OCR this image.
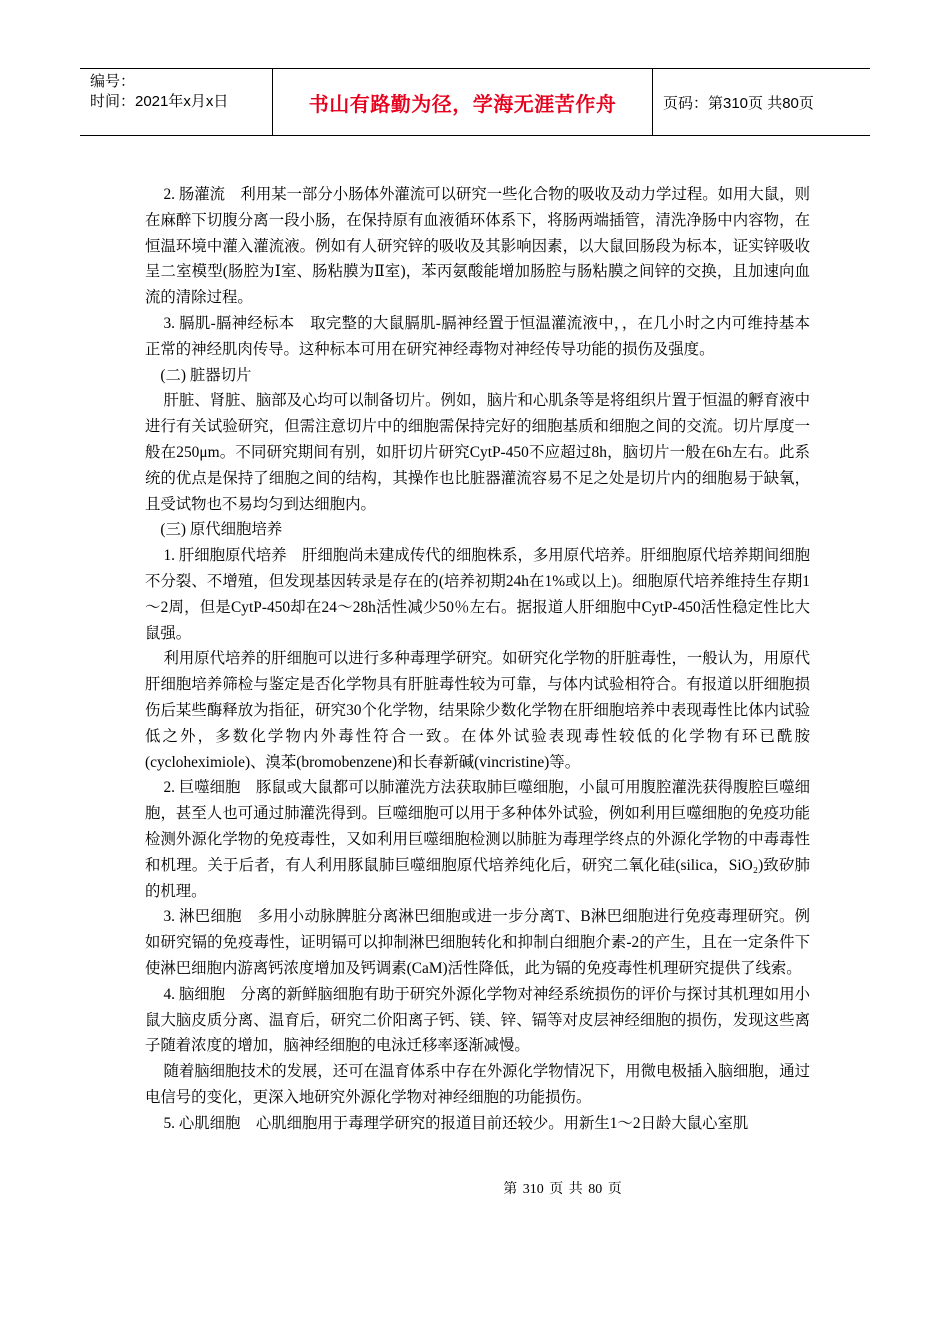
编号：
时间：2021年x月x日	书山有路勤为径，学海无涯苦作舟	页码：第310页 共80页

2. 肠灌流　利用某一部分小肠体外灌流可以研究一些化合物的吸收及动力学过程。如用大鼠，则在麻醉下切腹分离一段小肠，在保持原有血液循环体系下，将肠两端插管，清洗净肠中内容物，在恒温环境中灌入灌流液。例如有人研究锌的吸收及其影响因素，以大鼠回肠段为标本，证实锌吸收呈二室模型(肠腔为Ⅰ室、肠粘膜为Ⅱ室)，苯丙氨酸能增加肠腔与肠粘膜之间锌的交换，且加速向血流的清除过程。

3. 膈肌-膈神经标本　取完整的大鼠膈肌-膈神经置于恒温灌流液中，，在几小时之内可维持基本正常的神经肌肉传导。这种标本可用在研究神经毒物对神经传导功能的损伤及强度。

(二) 脏器切片

肝脏、肾脏、脑部及心均可以制备切片。例如，脑片和心肌条等是将组织片置于恒温的孵育液中进行有关试验研究，但需注意切片中的细胞需保持完好的细胞基质和细胞之间的交流。切片厚度一般在250μm。不同研究期间有别，如肝切片研究CytP-450不应超过8h，脑切片一般在6h左右。此系统的优点是保持了细胞之间的结构，其操作也比脏器灌流容易不足之处是切片内的细胞易于缺氧，且受试物也不易均匀到达细胞内。

(三) 原代细胞培养

1. 肝细胞原代培养　肝细胞尚未建成传代的细胞株系，多用原代培养。肝细胞原代培养期间细胞不分裂、不增殖，但发现基因转录是存在的(培养初期24h在1%或以上)。细胞原代培养维持生存期1～2周，但是CytP-450却在24～28h活性减少50％左右。据报道人肝细胞中CytP-450活性稳定性比大鼠强。

利用原代培养的肝细胞可以进行多种毒理学研究。如研究化学物的肝脏毒性，一般认为，用原代肝细胞培养筛检与鉴定是否化学物具有肝脏毒性较为可靠，与体内试验相符合。有报道以肝细胞损伤后某些酶释放为指征，研究30个化学物，结果除少数化学物在肝细胞培养中表现毒性比体内试验低之外，多数化学物内外毒性符合一致。在体外试验表现毒性较低的化学物有环已酰胺(cycloheximiole)、溴苯(bromobenzene)和长春新碱(vincristine)等。

2. 巨噬细胞　豚鼠或大鼠都可以肺灌洗方法获取肺巨噬细胞，小鼠可用腹腔灌洗获得腹腔巨噬细胞，甚至人也可通过肺灌洗得到。巨噬细胞可以用于多种体外试验，例如利用巨噬细胞的免疫功能检测外源化学物的免疫毒性，又如利用巨噬细胞检测以肺脏为毒理学终点的外源化学物的中毒毒性和机理。关于后者，有人利用豚鼠肺巨噬细胞原代培养纯化后，研究二氧化硅(silica，SiO₂)致矽肺的机理。

3. 淋巴细胞　多用小动脉脾脏分离淋巴细胞或进一步分离T、B淋巴细胞进行免疫毒理研究。例如研究镉的免疫毒性，证明镉可以抑制淋巴细胞转化和抑制白细胞介素-2的产生，且在一定条件下使淋巴细胞内游离钙浓度增加及钙调素(CaM)活性降低，此为镉的免疫毒性机理研究提供了线索。

4. 脑细胞　分离的新鲜脑细胞有助于研究外源化学物对神经系统损伤的评价与探讨其机理如用小鼠大脑皮质分离、温育后，研究二价阳离子钙、镁、锌、镉等对皮层神经细胞的损伤，发现这些离子随着浓度的增加，脑神经细胞的电泳迁移率逐渐减慢。

随着脑细胞技术的发展，还可在温育体系中存在外源化学物情况下，用微电极插入脑细胞，通过电信号的变化，更深入地研究外源化学物对神经细胞的功能损伤。

5. 心肌细胞　心肌细胞用于毒理学研究的报道目前还较少。用新生1～2日龄大鼠心室肌

第 310 页 共 80 页
